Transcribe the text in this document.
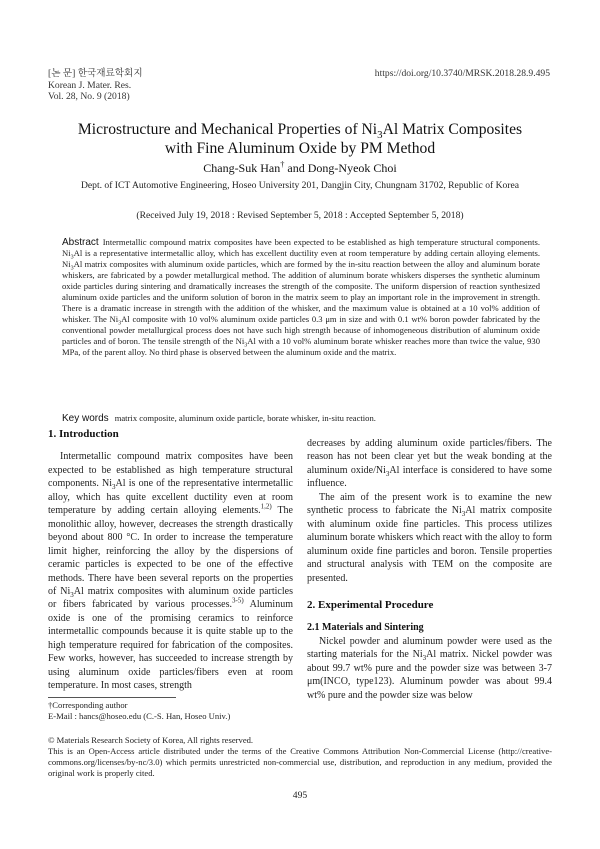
[논 문] 한국재료학회지
Korean J. Mater. Res.
Vol. 28, No. 9 (2018)
https://doi.org/10.3740/MRSK.2018.28.9.495
Microstructure and Mechanical Properties of $Ni_3Al$ Matrix Composites
with Fine Aluminum Oxide by PM Method
Chang-Suk Han† and Dong-Nyeok Choi
Dept. of ICT Automotive Engineering, Hoseo University 201, Dangjin City, Chungnam 31702, Republic of Korea
(Received July 19, 2018 : Revised September 5, 2018 : Accepted September 5, 2018)
Abstract Intermetallic compound matrix composites have been expected to be established as high temperature structural components. $Ni_3Al$ is a representative intermetallic alloy, which has excellent ductility even at room temperature by adding certain alloying elements. $Ni_3Al$ matrix composites with aluminum oxide particles, which are formed by the in-situ reaction between the alloy and aluminum borate whiskers, are fabricated by a powder metallurgical method. The addition of aluminum borate whiskers disperses the synthetic aluminum oxide particles during sintering and dramatically increases the strength of the composite. The uniform dispersion of reaction synthesized aluminum oxide particles and the uniform solution of boron in the matrix seem to play an important role in the improvement in strength. There is a dramatic increase in strength with the addition of the whisker, and the maximum value is obtained at a 10 vol% addition of whisker. The $Ni_3Al$ composite with 10 vol% aluminum oxide particles 0.3 μm in size and with 0.1 wt% boron powder fabricated by the conventional powder metallurgical process does not have such high strength because of inhomogeneous distribution of aluminum oxide particles and of boron. The tensile strength of the $Ni_3Al$ with a 10 vol% aluminum borate whisker reaches more than twice the value, 930 MPa, of the parent alloy. No third phase is observed between the aluminum oxide and the matrix.
Key words matrix composite, aluminum oxide particle, borate whisker, in-situ reaction.
1. Introduction

Intermetallic compound matrix composites have been expected to be established as high temperature structural components. $Ni_3Al$ is one of the representative intermetallic alloy, which has quite excellent ductility even at room temperature by adding certain alloying elements.$^{1,2)}$ The monolithic alloy, however, decreases the strength drastically beyond about 800 °C. In order to increase the temperature limit higher, reinforcing the alloy by the dispersions of ceramic particles is expected to be one of the effective methods. There have been several reports on the properties of $Ni_3Al$ matrix composites with aluminum oxide particles or fibers fabricated by various processes.$^{3-5)}$ Aluminum oxide is one of the promising ceramics to reinforce intermetallic compounds because it is quite stable up to the high temperature required for fabrication of the composites. Few works, however, has succeeded to increase strength by using aluminum oxide particles/fibers even at room temperature. In most cases, strength

decreases by adding aluminum oxide particles/fibers. The reason has not been clear yet but the weak bonding at the aluminum oxide/$Ni_3Al$ interface is considered to have some influence.

The aim of the present work is to examine the new synthetic process to fabricate the $Ni_3Al$ matrix composite with aluminum oxide fine particles. This process utilizes aluminum borate whiskers which react with the alloy to form aluminum oxide fine particles and boron. Tensile properties and structural analysis with TEM on the composite are presented.

2. Experimental Procedure
2.1 Materials and Sintering

Nickel powder and aluminum powder were used as the starting materials for the $Ni_3Al$ matrix. Nickel powder was about 99.7 wt% pure and the powder size was between 3-7 μm(INCO, type123). Aluminum powder was about 99.4 wt% pure and the powder size was below

†Corresponding author
E-Mail : hancs@hoseo.edu (C.-S. Han, Hoseo Univ.)
© Materials Research Society of Korea, All rights reserved.
This is an Open-Access article distributed under the terms of the Creative Commons Attribution Non-Commercial License (http://creative-commons.org/licenses/by-nc/3.0) which permits unrestricted non-commercial use, distribution, and reproduction in any medium, provided the original work is properly cited.
495
